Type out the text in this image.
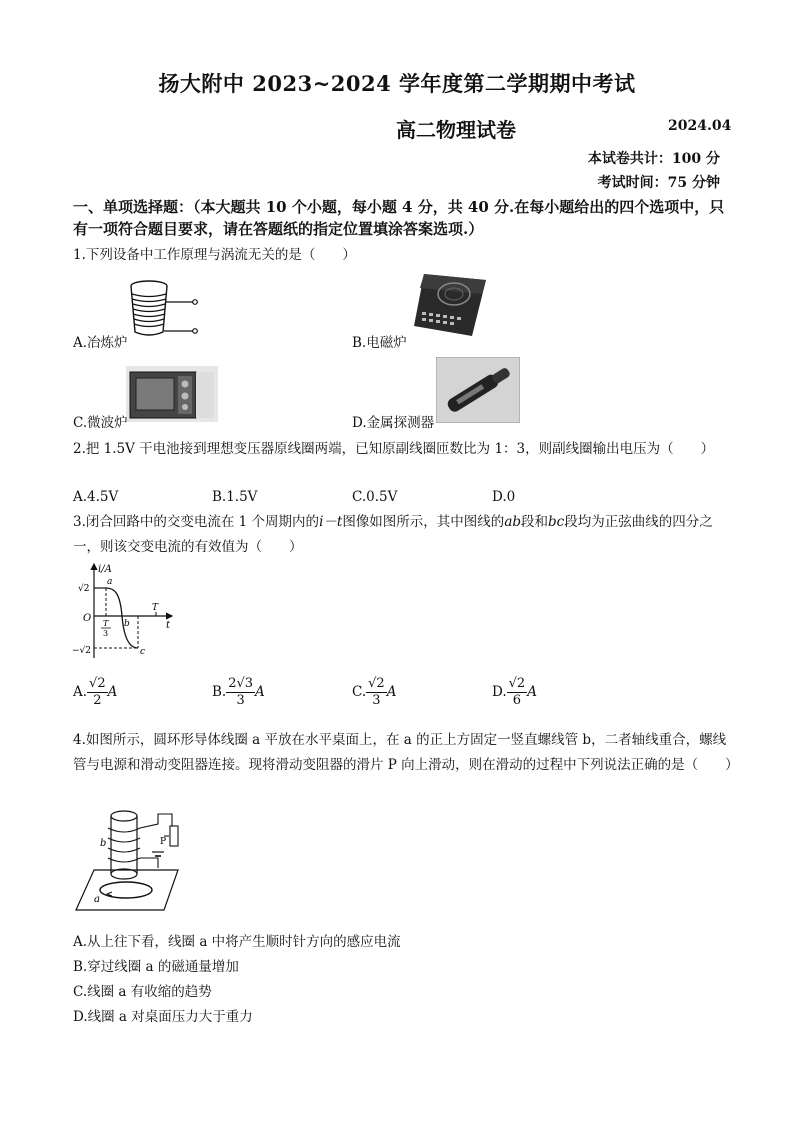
扬大附中 2023~2024 学年度第二学期期中考试
高二物理试卷	2024.04
本试卷共计：100 分
考试时间：75 分钟
一、单项选择题：（本大题共 10 个小题，每小题 4 分，共 40 分.在每小题给出的四个选项中，只有一项符合题目要求，请在答题纸的指定位置填涂答案选项.）
1.下列设备中工作原理与涡流无关的是（　　）
A.冶炼炉	B.电磁炉
C.微波炉	D.金属探测器
2.把 1.5V 干电池接到理想变压器原线圈两端，已知原副线圈匝数比为 1：3，则副线圈输出电压为（　　）
A.4.5V	B.1.5V	C.0.5V	D.0
3.闭合回路中的交变电流在 1 个周期内的i－t图像如图所示，其中图线的ab段和bc段均为正弦曲线的四分之一，则该交变电流的有效值为（　　）
i/A
t
O
√2
−√2
a
b
c
T
T
3
A. $\frac{√2}{2}$ A	B. $\frac{2√3}{3}$ A	C. $\frac{√2}{3}$ A	D. $\frac{√2}{6}$ A
4.如图所示，圆环形导体线圈 a 平放在水平桌面上，在 a 的正上方固定一竖直螺线管 b，二者轴线重合，螺线管与电源和滑动变阻器连接。现将滑动变阻器的滑片 P 向上滑动，则在滑动的过程中下列说法正确的是（　　）
b
a
P
A.从上往下看，线圈 a 中将产生顺时针方向的感应电流
B.穿过线圈 a 的磁通量增加
C.线圈 a 有收缩的趋势
D.线圈 a 对桌面压力大于重力
